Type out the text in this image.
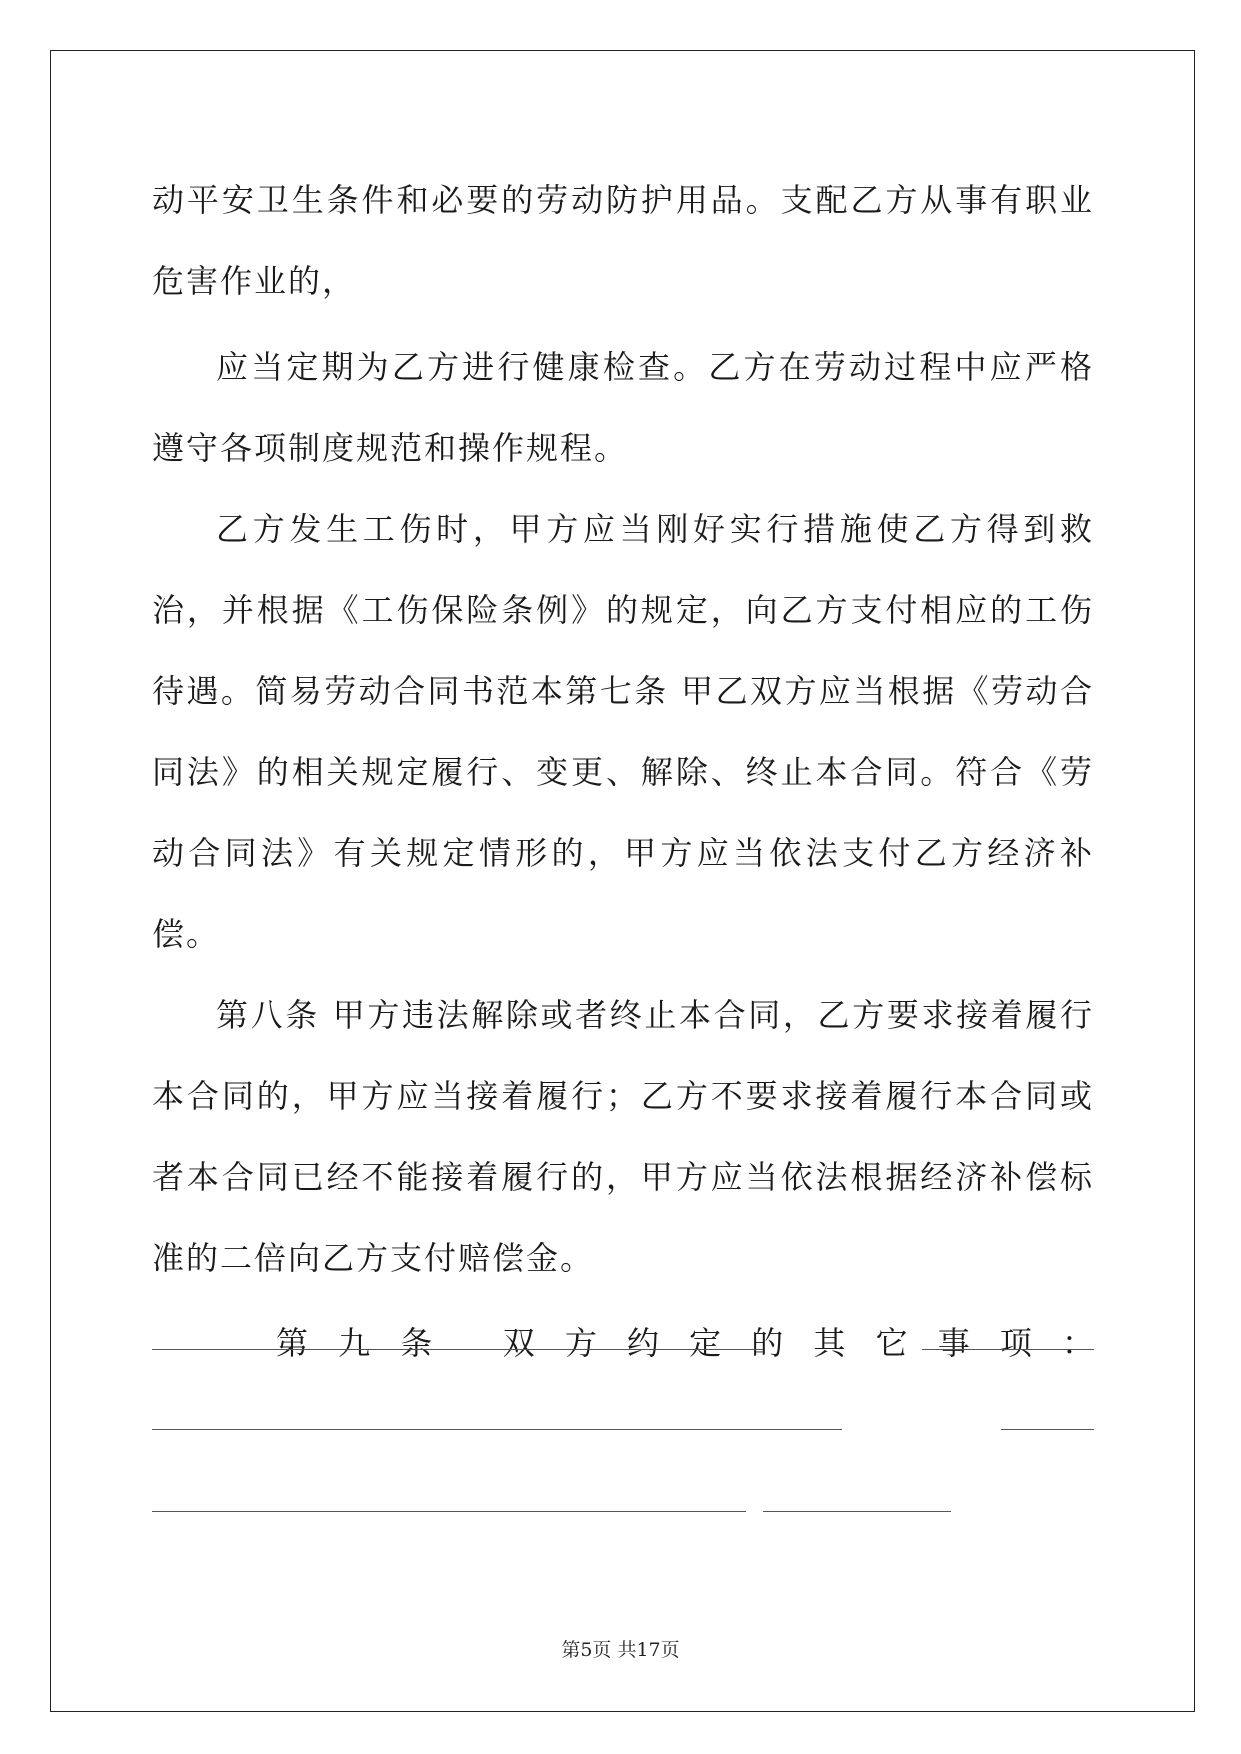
动平安卫生条件和必要的劳动防护用品。支配乙方从事有职业危害作业的，

应当定期为乙方进行健康检查。乙方在劳动过程中应严格遵守各项制度规范和操作规程。

乙方发生工伤时，甲方应当刚好实行措施使乙方得到救治，并根据《工伤保险条例》的规定，向乙方支付相应的工伤待遇。简易劳动合同书范本第七条 甲乙双方应当根据《劳动合同法》的相关规定履行、变更、解除、终止本合同。符合《劳动合同法》有关规定情形的，甲方应当依法支付乙方经济补偿。

第八条 甲方违法解除或者终止本合同，乙方要求接着履行本合同的，甲方应当接着履行；乙方不要求接着履行本合同或者本合同已经不能接着履行的，甲方应当依法根据经济补偿标准的二倍向乙方支付赔偿金。

第 九 条
双 方 约 定 的 其 它 事 项 ：
第5页 共17页
